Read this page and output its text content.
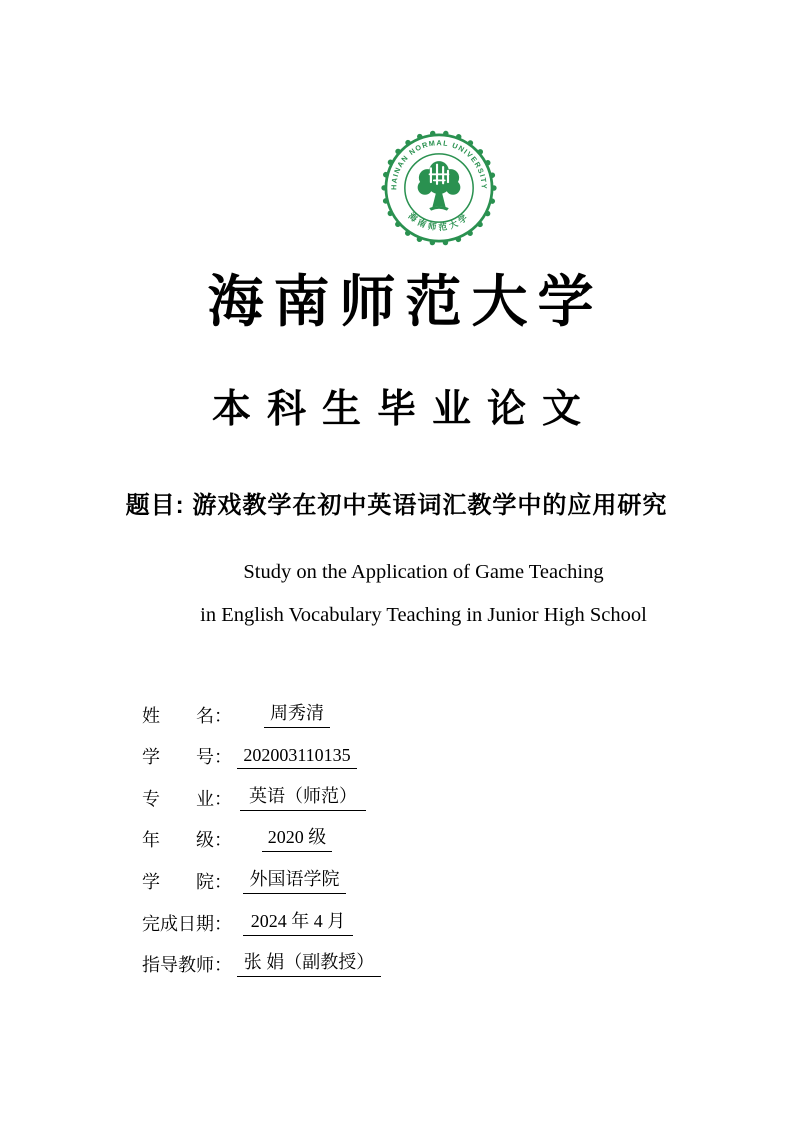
HAINAN NORMAL UNIVERSITY
海南师范大学
海南师范大学
本科生毕业论文
题目: 游戏教学在初中英语词汇教学中的应用研究
Study on the Application of Game Teaching
in English Vocabulary Teaching in Junior High School
姓　　名：	周秀清
学　　号： 202003110135
专　　业： 英语（师范）
年　　级：	2020 级
学　　院： 外国语学院
完成日期：	2024 年 4 月
指导教师： 张 娟（副教授）
